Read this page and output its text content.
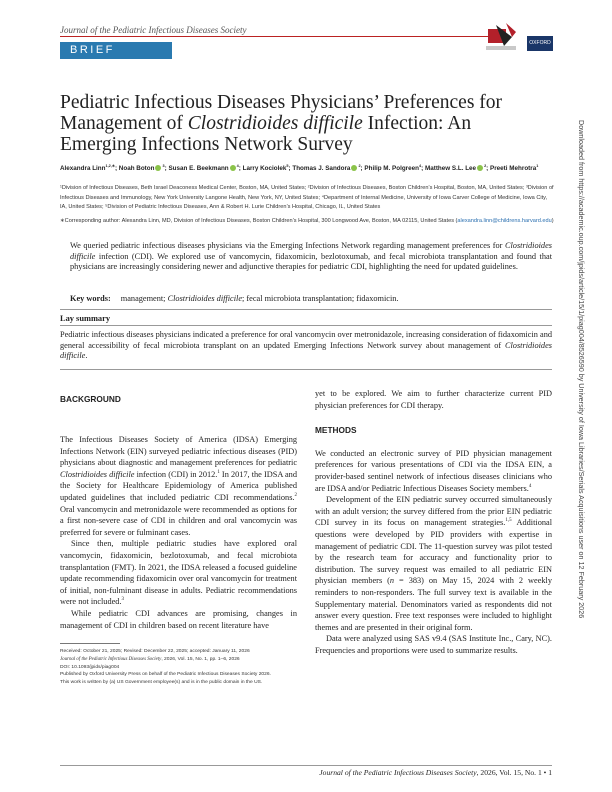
Journal of the Pediatric Infectious Diseases Society
BRIEF REPORT
OXFORD
Pediatric Infectious Diseases Physicians’ Preferences for Management of Clostridioides difficile Infection: An Emerging Infections Network Survey
Alexandra Linn$^{1,2,∗}$; Noah Boton $^3$; Susan E. Beekmann $^4$; Larry Kociolek$^5$; Thomas J. Sandora $^2$; Philip M. Polgreen$^4$; Matthew S.L. Lee $^2$; Preeti Mehrotra$^1$
¹Division of Infectious Diseases, Beth Israel Deaconess Medical Center, Boston, MA, United States; ²Division of Infectious Diseases, Boston Children’s Hospital, Boston, MA, United States; ³Division of Infectious Diseases and Immunology, New York University Langone Health, New York, NY, United States; ⁴Department of Internal Medicine, University of Iowa Carver College of Medicine, Iowa City, IA, United States; ⁵Division of Pediatric Infectious Diseases, Ann & Robert H. Lurie Children’s Hospital, Chicago, IL, United States
∗Corresponding author: Alexandra Linn, MD, Division of Infectious Diseases, Boston Children’s Hospital, 300 Longwood Ave, Boston, MA 02115, United States (alexandra.linn@childrens.harvard.edu)
We queried pediatric infectious diseases physicians via the Emerging Infections Network regarding management preferences for Clostridioides difficile infection (CDI). We explored use of vancomycin, fidaxomicin, bezlotoxumab, and fecal microbiota transplantation and found that physicians are increasingly considering newer and adjunctive therapies for pediatric CDI, highlighting the need for updated guidelines.
Key words: management; Clostridioides difficile; fecal microbiota transplantation; fidaxomicin.
Lay summary
Pediatric infectious diseases physicians indicated a preference for oral vancomycin over metronidazole, increasing consideration of fidaxomicin and general accessibility of fecal microbiota transplant on an updated Emerging Infections Network survey about management of Clostridioides difficile.
BACKGROUND

The Infectious Diseases Society of America (IDSA) Emerging Infections Network (EIN) surveyed pediatric infectious diseases (PID) physicians about diagnostic and management preferences for pediatric Clostridioides difficile infection (CDI) in 2012.$^1$ In 2017, the IDSA and the Society for Healthcare Epidemiology of America published updated guidelines that included pediatric CDI recommendations.$^2$ Oral vancomycin and metronidazole were recommended as options for a first non-severe case of CDI in children and oral vancomycin was preferred for severe or fulminant cases.

Since then, multiple pediatric studies have explored oral vancomycin, fidaxomicin, bezlotoxumab, and fecal microbiota transplantation (FMT). In 2021, the IDSA released a focused guideline update recommending fidaxomicin over oral vancomycin for treatment of initial, non-fulminant disease in adults. Pediatric recommendations were not included.$^3$

While pediatric CDI advances are promising, changes in management of CDI in children based on recent literature have

yet to be explored. We aim to further characterize current PID physician preferences for CDI therapy.

METHODS

We conducted an electronic survey of PID physician management preferences for various presentations of CDI via the IDSA EIN, a provider-based sentinel network of infectious diseases clinicians who are IDSA and/or Pediatric Infectious Diseases Society members.$^4$

Development of the EIN pediatric survey occurred simultaneously with an adult version; the survey differed from the prior EIN pediatric CDI survey in its focus on management strategies.$^{1,5}$ Additional questions were developed by PID providers with expertise in management of pediatric CDI. The 11-question survey was pilot tested by the research team for accuracy and functionality prior to distribution. The survey request was emailed to all pediatric EIN physician members (n = 383) on May 15, 2024 with 2 weekly reminders to non-responders. The full survey text is available in the Supplementary material. Denominators varied as respondents did not answer every question. Free text responses were included to highlight themes and are presented in their original form.

Data were analyzed using SAS v9.4 (SAS Institute Inc., Cary, NC). Frequencies and proportions were used to summarize results.

Received: October 21, 2025; Revised: December 22, 2025; accepted: January 11, 2026
Journal of the Pediatric Infectious Diseases Society, 2026, Vol. 15, No. 1, pp. 1–6, 2026
DOI: 10.1093/jpids/piag004
Published by Oxford University Press on behalf of the Pediatric Infectious Diseases Society 2026.
This work is written by (a) US Government employee(s) and is in the public domain in the US.
Journal of the Pediatric Infectious Diseases Society, 2026, Vol. 15, No. 1 • 1
Downloaded from https://academic.oup.com/jpids/article/15/1/piag004/8526590 by University of Iowa Libraries/Serials Acquisitions user on 12 February 2026
